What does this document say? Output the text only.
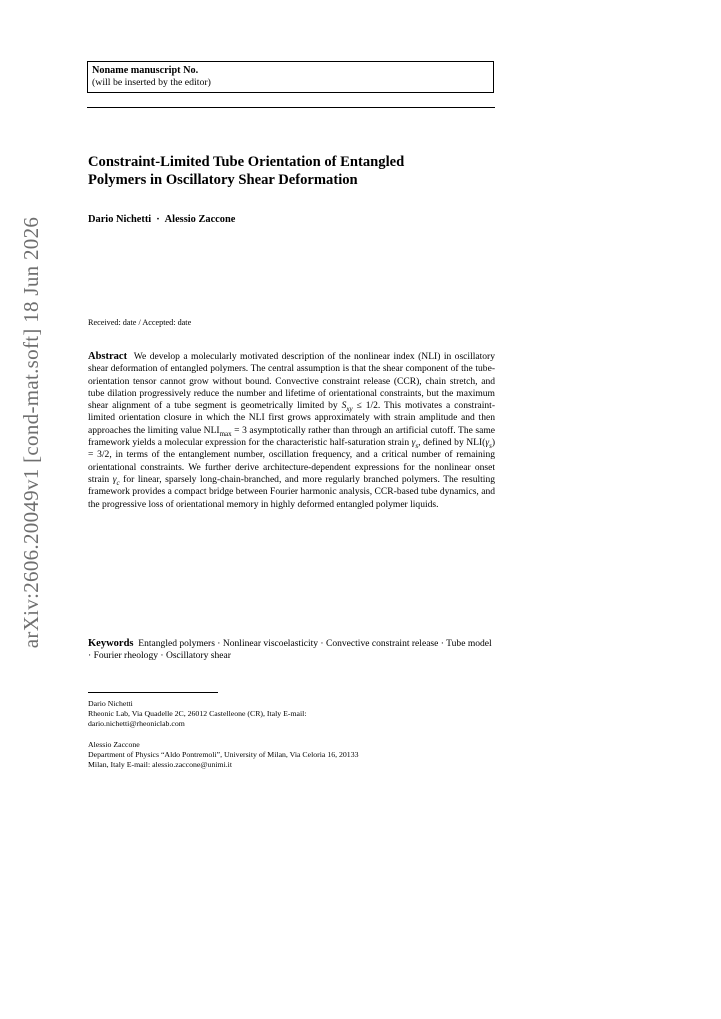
arXiv:2606.20049v1 [cond-mat.soft] 18 Jun 2026
Noname manuscript No.
(will be inserted by the editor)
Constraint-Limited Tube Orientation of Entangled
Polymers in Oscillatory Shear Deformation
Dario Nichetti · Alessio Zaccone
Received: date / Accepted: date

Abstract We develop a molecularly motivated description of the nonlinear index (NLI) in oscillatory shear deformation of entangled polymers. The central assumption is that the shear component of the tube-orientation tensor cannot grow without bound. Convective constraint release (CCR), chain stretch, and tube dilation progressively reduce the number and lifetime of orientational constraints, but the maximum shear alignment of a tube segment is geometrically limited by $S_{xy} \le 1/2$. This motivates a constraint-limited orientation closure in which the NLI first grows approximately with strain amplitude and then approaches the limiting value $NLI_{max} = 3$ asymptotically rather than through an artificial cutoff. The same framework yields a molecular expression for the characteristic half-saturation strain $\gamma_s$, defined by $NLI(\gamma_s) = 3/2$, in terms of the entanglement number, oscillation frequency, and a critical number of remaining orientational constraints. We further derive architecture-dependent expressions for the nonlinear onset strain $\gamma_c$ for linear, sparsely long-chain-branched, and more regularly branched polymers. The resulting framework provides a compact bridge between Fourier harmonic analysis, CCR-based tube dynamics, and the progressive loss of orientational memory in highly deformed entangled polymer liquids.

Keywords Entangled polymers · Nonlinear viscoelasticity · Convective constraint release · Tube model · Fourier rheology · Oscillatory shear

Dario Nichetti
Rheonic Lab, Via Quadelle 2C, 26012 Castelleone (CR), Italy E-mail:
dario.nichetti@rheoniclab.com
Alessio Zaccone
Department of Physics “Aldo Pontremoli”, University of Milan, Via Celoria 16, 20133
Milan, Italy E-mail: alessio.zaccone@unimi.it
